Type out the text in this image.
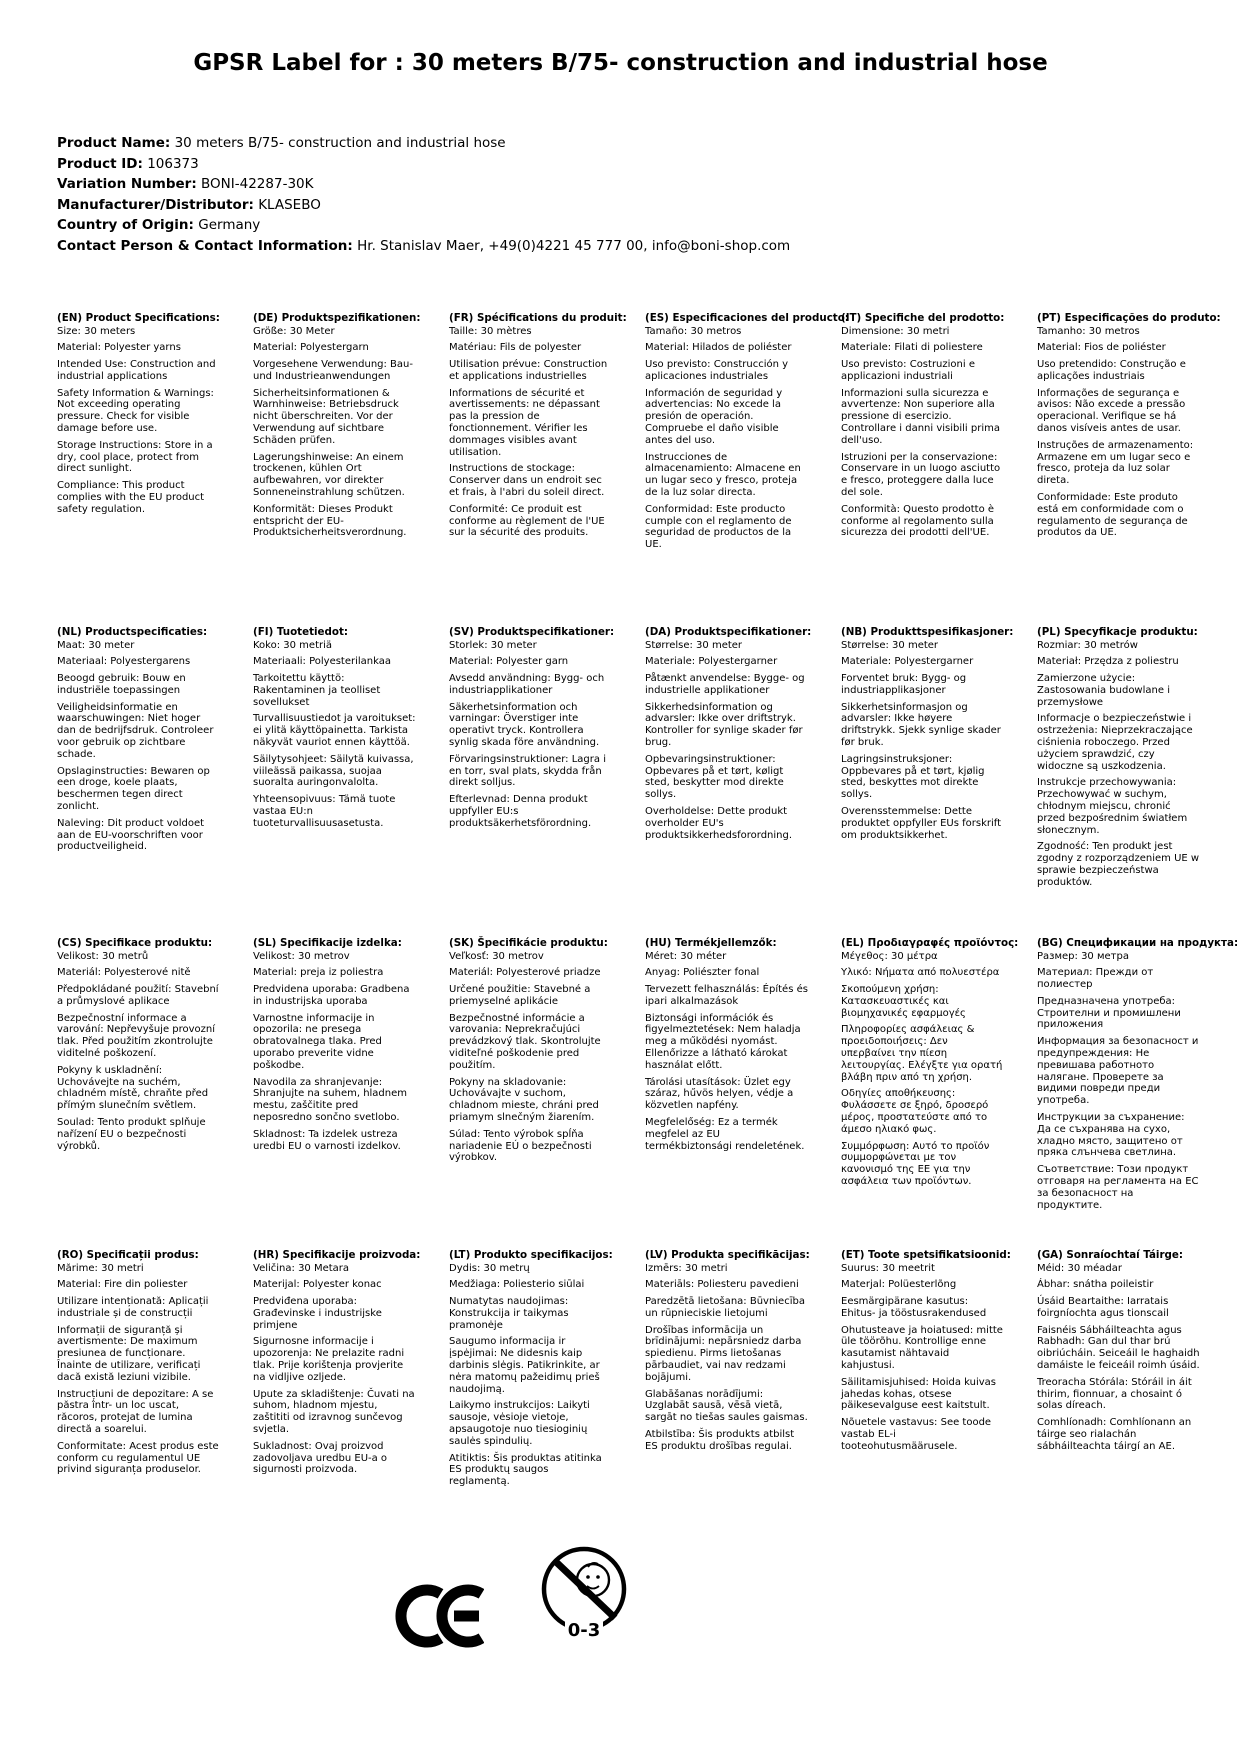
GPSR Label for : 30 meters B/75- construction and industrial hose
Product Name: 30 meters B/75- construction and industrial hose
Product ID: 106373
Variation Number: BONI-42287-30K
Manufacturer/Distributor: KLASEBO
Country of Origin: Germany
Contact Person & Contact Information: Hr. Stanislav Maer, +49(0)4221 45 777 00, info@boni-shop.com
(EN) Product Specifications:

Size: 30 meters

Material: Polyester yarns

Intended Use: Construction and industrial applications

Safety Information & Warnings: Not exceeding operating pressure. Check for visible damage before use.

Storage Instructions: Store in a dry, cool place, protect from direct sunlight.

Compliance: This product complies with the EU product safety regulation.

(DE) Produktspezifikationen:

Größe: 30 Meter

Material: Polyestergarn

Vorgesehene Verwendung: Bau- und Industrieanwendungen

Sicherheitsinformationen & Warnhinweise: Betriebsdruck nicht überschreiten. Vor der Verwendung auf sichtbare Schäden prüfen.

Lagerungshinweise: An einem trockenen, kühlen Ort aufbewahren, vor direkter Sonneneinstrahlung schützen.

Konformität: Dieses Produkt entspricht der EU-Produktsicherheitsverordnung.

(FR) Spécifications du produit:

Taille: 30 mètres

Matériau: Fils de polyester

Utilisation prévue: Construction et applications industrielles

Informations de sécurité et avertissements: ne dépassant pas la pression de fonctionnement. Vérifier les dommages visibles avant utilisation.

Instructions de stockage: Conserver dans un endroit sec et frais, à l'abri du soleil direct.

Conformité: Ce produit est conforme au règlement de l'UE sur la sécurité des produits.

(ES) Especificaciones del producto:

Tamaño: 30 metros

Material: Hilados de poliéster

Uso previsto: Construcción y aplicaciones industriales

Información de seguridad y advertencias: No excede la presión de operación. Compruebe el daño visible antes del uso.

Instrucciones de almacenamiento: Almacene en un lugar seco y fresco, proteja de la luz solar directa.

Conformidad: Este producto cumple con el reglamento de seguridad de productos de la UE.

(IT) Specifiche del prodotto:

Dimensione: 30 metri

Materiale: Filati di poliestere

Uso previsto: Costruzioni e applicazioni industriali

Informazioni sulla sicurezza e avvertenze: Non superiore alla pressione di esercizio. Controllare i danni visibili prima dell'uso.

Istruzioni per la conservazione: Conservare in un luogo asciutto e fresco, proteggere dalla luce del sole.

Conformità: Questo prodotto è conforme al regolamento sulla sicurezza dei prodotti dell'UE.

(PT) Especificações do produto:

Tamanho: 30 metros

Material: Fios de poliéster

Uso pretendido: Construção e aplicações industriais

Informações de segurança e avisos: Não excede a pressão operacional. Verifique se há danos visíveis antes de usar.

Instruções de armazenamento: Armazene em um lugar seco e fresco, proteja da luz solar direta.

Conformidade: Este produto está em conformidade com o regulamento de segurança de produtos da UE.

(NL) Productspecificaties:

Maat: 30 meter

Materiaal: Polyestergarens

Beoogd gebruik: Bouw en industriële toepassingen

Veiligheidsinformatie en waarschuwingen: Niet hoger dan de bedrijfsdruk. Controleer voor gebruik op zichtbare schade.

Opslaginstructies: Bewaren op een droge, koele plaats, beschermen tegen direct zonlicht.

Naleving: Dit product voldoet aan de EU-voorschriften voor productveiligheid.

(FI) Tuotetiedot:

Koko: 30 metriä

Materiaali: Polyesterilankaa

Tarkoitettu käyttö: Rakentaminen ja teolliset sovellukset

Turvallisuustiedot ja varoitukset: ei ylitä käyttöpainetta. Tarkista näkyvät vauriot ennen käyttöä.

Säilytysohjeet: Säilytä kuivassa, viileässä paikassa, suojaa suoralta auringonvalolta.

Yhteensopivuus: Tämä tuote vastaa EU:n tuoteturvallisuusasetusta.

(SV) Produktspecifikationer:

Storlek: 30 meter

Material: Polyester garn

Avsedd användning: Bygg- och industriapplikationer

Säkerhetsinformation och varningar: Överstiger inte operativt tryck. Kontrollera synlig skada före användning.

Förvaringsinstruktioner: Lagra i en torr, sval plats, skydda från direkt solljus.

Efterlevnad: Denna produkt uppfyller EU:s produktsäkerhetsförordning.

(DA) Produktspecifikationer:

Størrelse: 30 meter

Materiale: Polyestergarner

Påtænkt anvendelse: Bygge- og industrielle applikationer

Sikkerhedsinformation og advarsler: Ikke over driftstryk. Kontroller for synlige skader før brug.

Opbevaringsinstruktioner: Opbevares på et tørt, køligt sted, beskytter mod direkte sollys.

Overholdelse: Dette produkt overholder EU's produktsikkerhedsforordning.

(NB) Produkttspesifikasjoner:

Størrelse: 30 meter

Materiale: Polyestergarner

Forventet bruk: Bygg- og industriapplikasjoner

Sikkerhetsinformasjon og advarsler: Ikke høyere driftstrykk. Sjekk synlige skader før bruk.

Lagringsinstruksjoner: Oppbevares på et tørt, kjølig sted, beskyttes mot direkte sollys.

Overensstemmelse: Dette produktet oppfyller EUs forskrift om produktsikkerhet.

(PL) Specyfikacje produktu:

Rozmiar: 30 metrów

Materiał: Przędza z poliestru

Zamierzone użycie: Zastosowania budowlane i przemysłowe

Informacje o bezpieczeństwie i ostrzeżenia: Nieprzekraczające ciśnienia roboczego. Przed użyciem sprawdzić, czy widoczne są uszkodzenia.

Instrukcje przechowywania: Przechowywać w suchym, chłodnym miejscu, chronić przed bezpośrednim światłem słonecznym.

Zgodność: Ten produkt jest zgodny z rozporządzeniem UE w sprawie bezpieczeństwa produktów.

(CS) Specifikace produktu:

Velikost: 30 metrů

Materiál: Polyesterové nitě

Předpokládané použití: Stavební a průmyslové aplikace

Bezpečnostní informace a varování: Nepřevyšuje provozní tlak. Před použitím zkontrolujte viditelné poškození.

Pokyny k uskladnění: Uchovávejte na suchém, chladném místě, chraňte před přímým slunečním světlem.

Soulad: Tento produkt splňuje nařízení EU o bezpečnosti výrobků.

(SL) Specifikacije izdelka:

Velikost: 30 metrov

Material: preja iz poliestra

Predvidena uporaba: Gradbena in industrijska uporaba

Varnostne informacije in opozorila: ne presega obratovalnega tlaka. Pred uporabo preverite vidne poškodbe.

Navodila za shranjevanje: Shranjujte na suhem, hladnem mestu, zaščitite pred neposredno sončno svetlobo.

Skladnost: Ta izdelek ustreza uredbi EU o varnosti izdelkov.

(SK) Špecifikácie produktu:

Veľkosť: 30 metrov

Materiál: Polyesterové priadze

Určené použitie: Stavebné a priemyselné aplikácie

Bezpečnostné informácie a varovania: Neprekračujúci prevádzkový tlak. Skontrolujte viditeľné poškodenie pred použitím.

Pokyny na skladovanie: Uchovávajte v suchom, chladnom mieste, chráni pred priamym slnečným žiarením.

Súlad: Tento výrobok spĺňa nariadenie EÚ o bezpečnosti výrobkov.

(HU) Termékjellemzők:

Méret: 30 méter

Anyag: Poliészter fonal

Tervezett felhasználás: Építés és ipari alkalmazások

Biztonsági információk és figyelmeztetések: Nem haladja meg a működési nyomást. Ellenőrizze a látható károkat használat előtt.

Tárolási utasítások: Üzlet egy száraz, hűvös helyen, védje a közvetlen napfény.

Megfelelőség: Ez a termék megfelel az EU termékbiztonsági rendeletének.

(EL) Προδιαγραφές προϊόντος:

Μέγεθος: 30 μέτρα

Υλικό: Νήματα από πολυεστέρα

Σκοπούμενη χρήση: Κατασκευαστικές και βιομηχανικές εφαρμογές

Πληροφορίες ασφάλειας & προειδοποιήσεις: Δεν υπερβαίνει την πίεση λειτουργίας. Ελέγξτε για ορατή βλάβη πριν από τη χρήση.

Οδηγίες αποθήκευσης: Φυλάσσετε σε ξηρό, δροσερό μέρος, προστατεύστε από το άμεσο ηλιακό φως.

Συμμόρφωση: Αυτό το προϊόν συμμορφώνεται με τον κανονισμό της ΕΕ για την ασφάλεια των προϊόντων.

(BG) Спецификации на продукта:

Размер: 30 метра

Материал: Прежди от полиестер

Предназначена употреба: Строителни и промишлени приложения

Информация за безопасност и предупреждения: Не превишава работното налягане. Проверете за видими повреди преди употреба.

Инструкции за съхранение: Да се съхранява на сухо, хладно място, защитено от пряка слънчева светлина.

Съответствие: Този продукт отговаря на регламента на ЕС за безопасност на продуктите.

(RO) Specificații produs:

Mărime: 30 metri

Material: Fire din poliester

Utilizare intenționată: Aplicații industriale și de construcții

Informații de siguranță și avertismente: De maximum presiunea de funcționare. Înainte de utilizare, verificați dacă există leziuni vizibile.

Instrucțiuni de depozitare: A se păstra într- un loc uscat, răcoros, protejat de lumina directă a soarelui.

Conformitate: Acest produs este conform cu regulamentul UE privind siguranța produselor.

(HR) Specifikacije proizvoda:

Veličina: 30 Metara

Materijal: Polyester konac

Predviđena uporaba: Građevinske i industrijske primjene

Sigurnosne informacije i upozorenja: Ne prelazite radni tlak. Prije korištenja provjerite na vidljive ozljede.

Upute za skladištenje: Čuvati na suhom, hladnom mjestu, zaštititi od izravnog sunčevog svjetla.

Sukladnost: Ovaj proizvod zadovoljava uredbu EU-a o sigurnosti proizvoda.

(LT) Produkto specifikacijos:

Dydis: 30 metrų

Medžiaga: Poliesterio siūlai

Numatytas naudojimas: Konstrukcija ir taikymas pramonėje

Saugumo informacija ir įspėjimai: Ne didesnis kaip darbinis slėgis. Patikrinkite, ar nėra matomų pažeidimų prieš naudojimą.

Laikymo instrukcijos: Laikyti sausoje, vėsioje vietoje, apsaugotoje nuo tiesioginių saulės spindulių.

Atitiktis: Šis produktas atitinka ES produktų saugos reglamentą.

(LV) Produkta specifikācijas:

Izmērs: 30 metri

Materiāls: Poliesteru pavedieni

Paredzētā lietošana: Būvniecība un rūpnieciskie lietojumi

Drošības informācija un brīdinājumi: nepārsniedz darba spiedienu. Pirms lietošanas pārbaudiet, vai nav redzami bojājumi.

Glabāšanas norādījumi: Uzglabāt sausā, vēsā vietā, sargāt no tiešas saules gaismas.

Atbilstība: Šis produkts atbilst ES produktu drošības regulai.

(ET) Toote spetsifikatsioonid:

Suurus: 30 meetrit

Materjal: Polüesterlõng

Eesmärgipärane kasutus: Ehitus- ja tööstusrakendused

Ohutusteave ja hoiatused: mitte üle töörõhu. Kontrollige enne kasutamist nähtavaid kahjustusi.

Säilitamisjuhised: Hoida kuivas jahedas kohas, otsese päikesevalguse eest kaitstult.

Nõuetele vastavus: See toode vastab EL-i tooteohutusmäärusele.

(GA) Sonraíochtaí Táirge:

Méid: 30 méadar

Ábhar: snátha poileistir

Úsáid Beartaithe: Iarratais foirgníochta agus tionscail

Faisnéis Sábháilteachta agus Rabhadh: Gan dul thar brú oibriúcháin. Seiceáil le haghaidh damáiste le feiceáil roimh úsáid.

Treoracha Stórála: Stóráil in áit thirim, fionnuar, a chosaint ó solas díreach.

Comhlíonadh: Comhlíonann an táirge seo rialachán sábháilteachta táirgí an AE.

0-3
